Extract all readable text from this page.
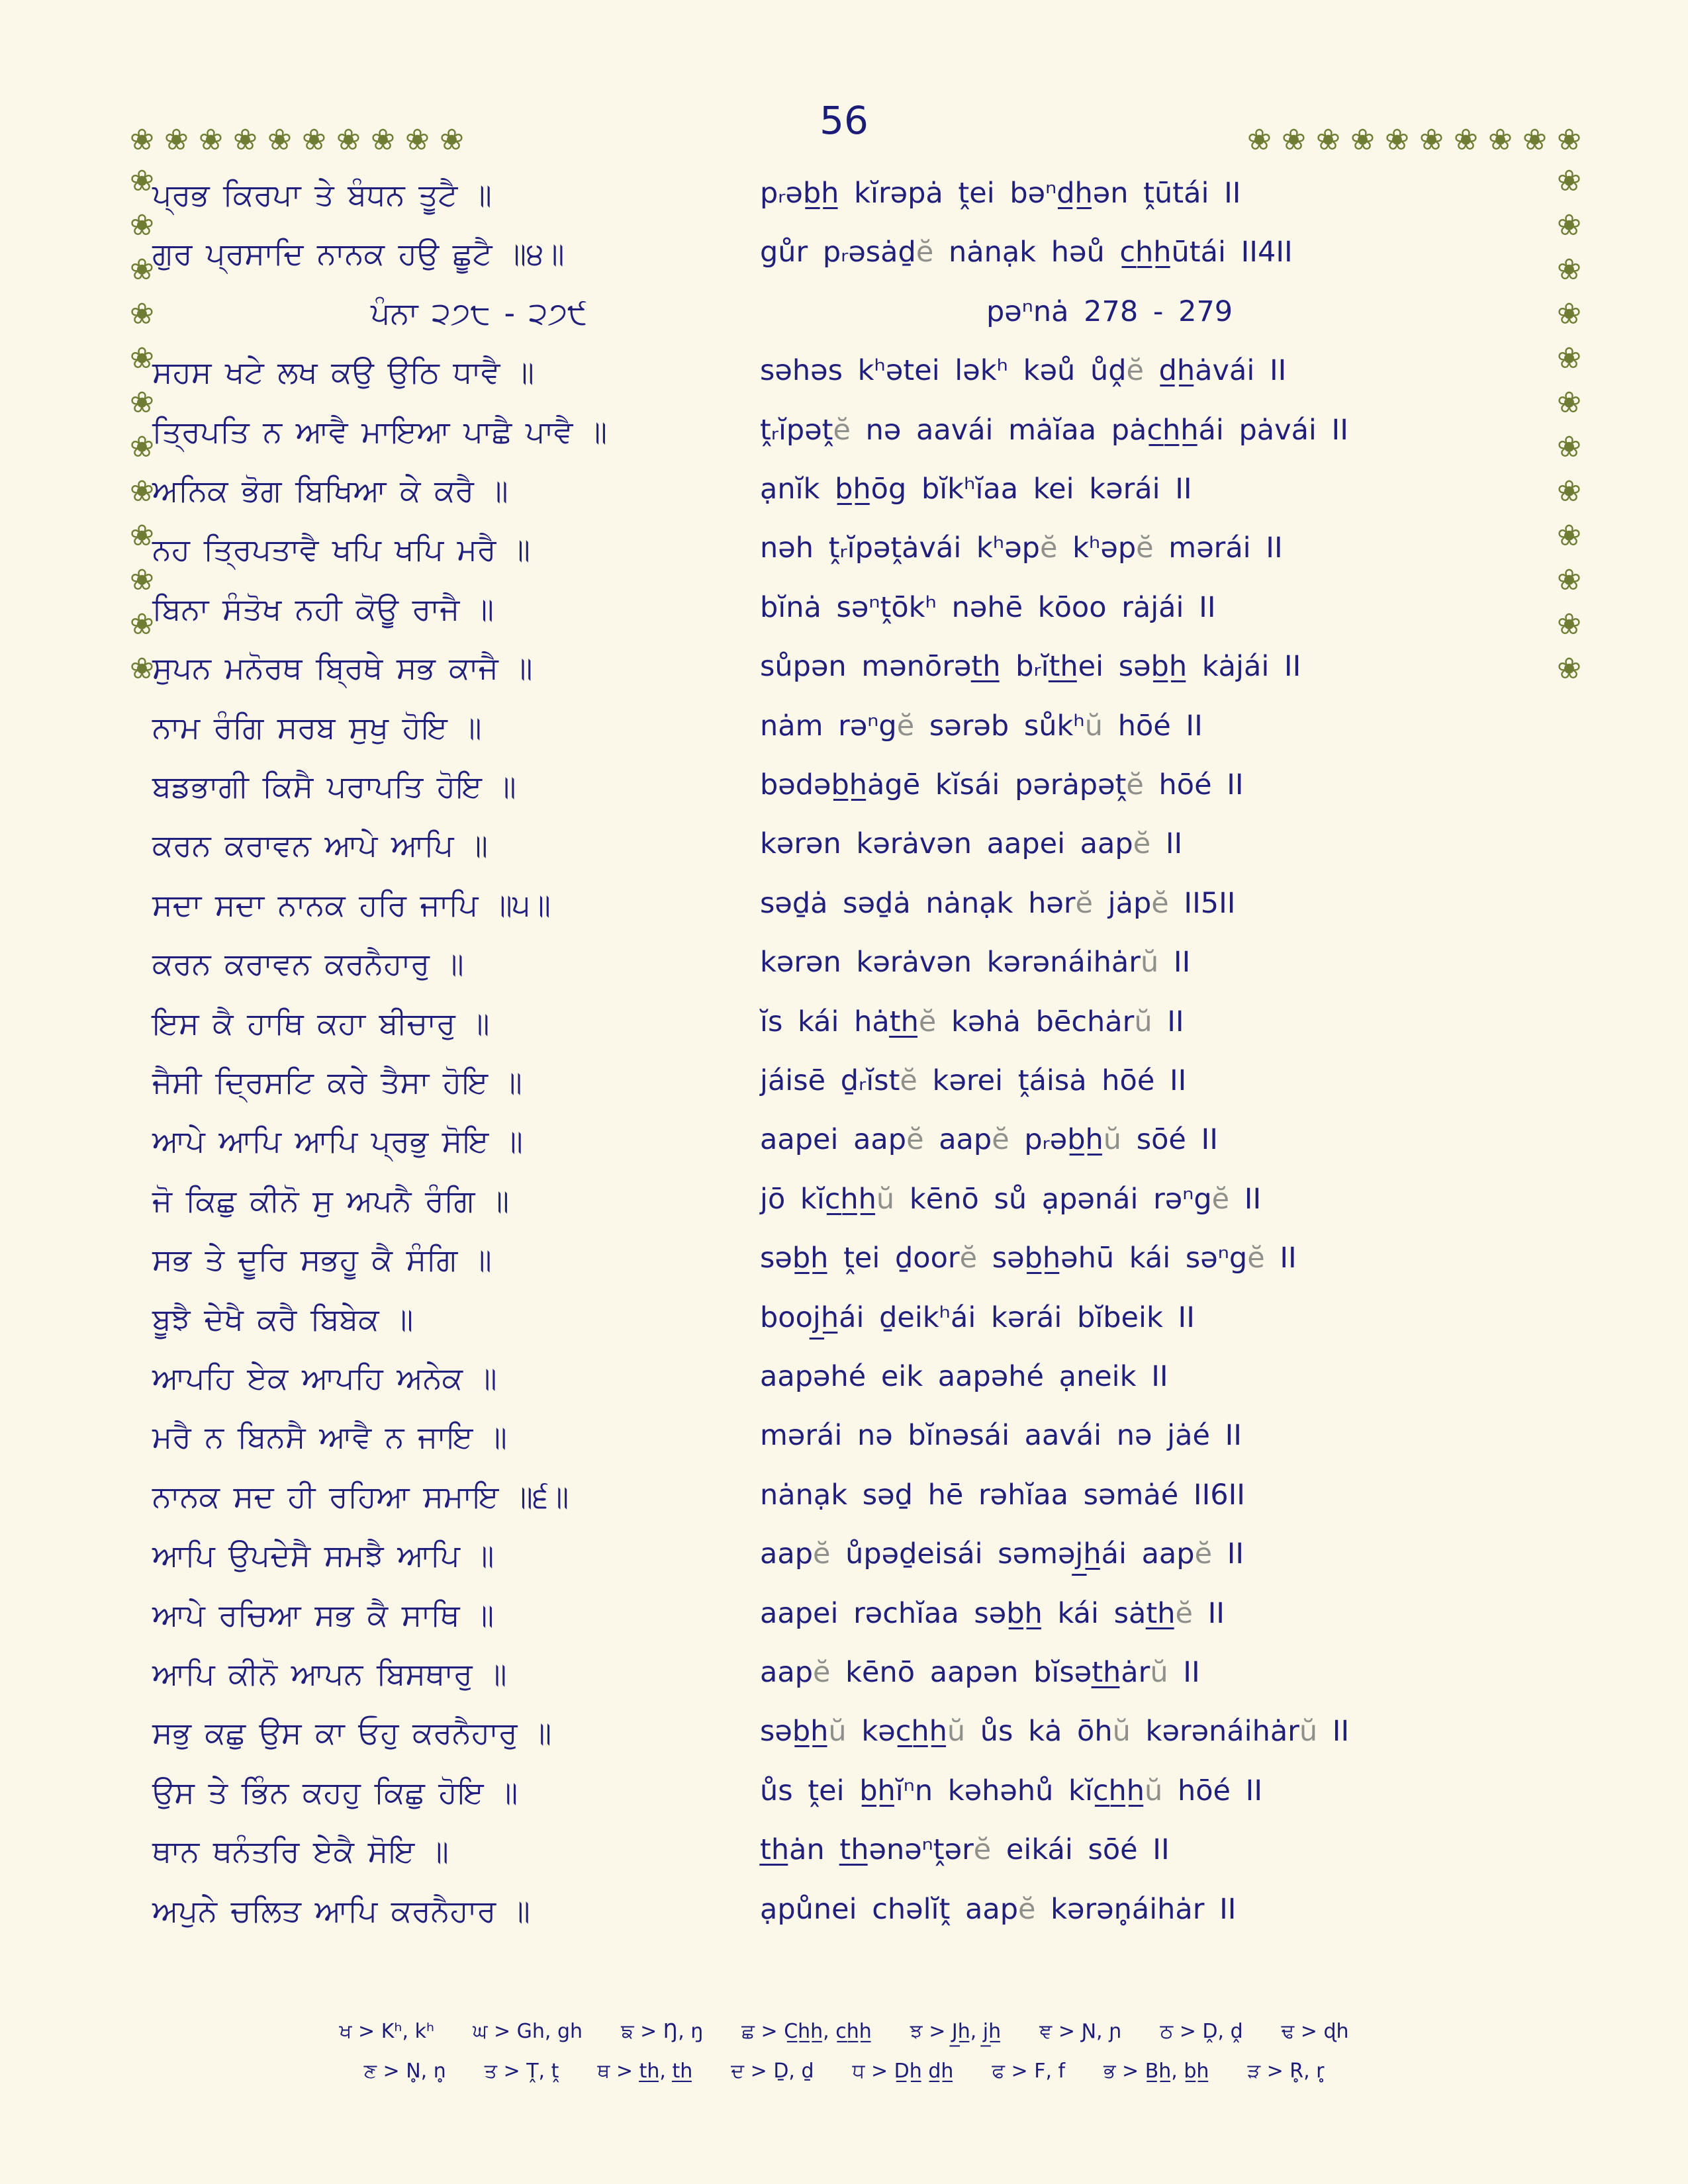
56
ਪ੍ਰਭ ਕਿਰਪਾ ਤੇ ਬੰਧਨ ਤੂਟੈ ॥	pᵣəb̲h̲ kĭrəpȧ ṱei bəⁿd̲h̲ən ṱūtái II
ਗੁਰ ਪ੍ਰਸਾਦਿ ਨਾਨਕ ਹਉ ਛੂਟੈ ॥੪॥	gůr pᵣəsȧḏĕ nȧnạk həů c̲h̲h̲ūtái II4II
ਪੰਨਾ ੨੭੮ - ੨੭੯	pəⁿnȧ 278 - 279
ਸਹਸ ਖਟੇ ਲਖ ਕਉ ਉਠਿ ਧਾਵੈ ॥	səhəs kʰətei ləkʰ kəů ůḓĕ d̲h̲ȧvái II
ਤ੍ਰਿਪਤਿ ਨ ਆਵੈ ਮਾਇਆ ਪਾਛੈ ਪਾਵੈ ॥	ṱᵣĭpəṱĕ nə aavái mȧĭaa pȧc̲h̲h̲ái pȧvái II
ਅਨਿਕ ਭੋਗ ਬਿਖਿਆ ਕੇ ਕਰੈ ॥	ạnĭk b̲h̲ōg bĭkʰĭaa kei kərái II
ਨਹ ਤ੍ਰਿਪਤਾਵੈ ਖਪਿ ਖਪਿ ਮਰੈ ॥	nəh ṱᵣĭpəṱȧvái kʰəpĕ kʰəpĕ mərái II
ਬਿਨਾ ਸੰਤੋਖ ਨਹੀ ਕੋਊ ਰਾਜੈ ॥	bĭnȧ səⁿṱōkʰ nəhē kōoo rȧjái II
ਸੁਪਨ ਮਨੋਰਥ ਬ੍ਰਿਥੇ ਸਭ ਕਾਜੈ ॥	sůpən mənōrət̲h̲ bᵣĭt̲h̲ei səb̲h̲ kȧjái II
ਨਾਮ ਰੰਗਿ ਸਰਬ ਸੁਖੁ ਹੋਇ ॥	nȧm rəⁿgĕ sərəb sůkʰŭ hōé II
ਬਡਭਾਗੀ ਕਿਸੈ ਪਰਾਪਤਿ ਹੋਇ ॥	bədəb̲h̲ȧgē kĭsái pərȧpəṱĕ hōé II
ਕਰਨ ਕਰਾਵਨ ਆਪੇ ਆਪਿ ॥	kərən kərȧvən aapei aapĕ II
ਸਦਾ ਸਦਾ ਨਾਨਕ ਹਰਿ ਜਾਪਿ ॥੫॥	səḏȧ səḏȧ nȧnạk hərĕ jȧpĕ II5II
ਕਰਨ ਕਰਾਵਨ ਕਰਨੈਹਾਰੁ ॥	kərən kərȧvən kərənáihȧrŭ II
ਇਸ ਕੈ ਹਾਥਿ ਕਹਾ ਬੀਚਾਰੁ ॥	ĭs kái hȧt̲h̲ĕ kəhȧ bēchȧrŭ II
ਜੈਸੀ ਦ੍ਰਿਸਟਿ ਕਰੇ ਤੈਸਾ ਹੋਇ ॥	jáisē ḏᵣĭstĕ kərei ṱáisȧ hōé II
ਆਪੇ ਆਪਿ ਆਪਿ ਪ੍ਰਭੁ ਸੋਇ ॥	aapei aapĕ aapĕ pᵣəb̲h̲ŭ sōé II
ਜੋ ਕਿਛੁ ਕੀਨੋ ਸੁ ਅਪਨੈ ਰੰਗਿ ॥	jō kĭc̲h̲h̲ŭ kēnō sů ạpənái rəⁿgĕ II
ਸਭ ਤੇ ਦੂਰਿ ਸਭਹੂ ਕੈ ਸੰਗਿ ॥	səb̲h̲ ṱei ḏoorĕ səb̲h̲əhū kái səⁿgĕ II
ਬੂਝੈ ਦੇਖੈ ਕਰੈ ਬਿਬੇਕ ॥	booj̲h̲ái ḏeikʰái kərái bĭbeik II
ਆਪਹਿ ਏਕ ਆਪਹਿ ਅਨੇਕ ॥	aapəhé eik aapəhé ạneik II
ਮਰੈ ਨ ਬਿਨਸੈ ਆਵੈ ਨ ਜਾਇ ॥	mərái nə bĭnəsái aavái nə jȧé II
ਨਾਨਕ ਸਦ ਹੀ ਰਹਿਆ ਸਮਾਇ ॥੬॥	nȧnạk səḏ hē rəhĭaa səmȧé II6II
ਆਪਿ ਉਪਦੇਸੈ ਸਮਝੈ ਆਪਿ ॥	aapĕ ůpəḏeisái səməj̲h̲ái aapĕ II
ਆਪੇ ਰਚਿਆ ਸਭ ਕੈ ਸਾਥਿ ॥	aapei rəchĭaa səb̲h̲ kái sȧt̲h̲ĕ II
ਆਪਿ ਕੀਨੋ ਆਪਨ ਬਿਸਥਾਰੁ ॥	aapĕ kēnō aapən bĭsət̲h̲ȧrŭ II
ਸਭੁ ਕਛੁ ਉਸ ਕਾ ਓਹੁ ਕਰਨੈਹਾਰੁ ॥	səb̲h̲ŭ kəc̲h̲h̲ŭ ůs kȧ ōhŭ kərənáihȧrŭ II
ਉਸ ਤੇ ਭਿੰਨ ਕਹਹੁ ਕਿਛੁ ਹੋਇ ॥	ůs ṱei b̲h̲ĭⁿn kəhəhů kĭc̲h̲h̲ŭ hōé II
ਥਾਨ ਥਨੰਤਰਿ ਏਕੈ ਸੋਇ ॥	t̲h̲ȧn t̲h̲ənəⁿṱərĕ eikái sōé II
ਅਪੁਨੇ ਚਲਿਤ ਆਪਿ ਕਰਨੈਹਾਰ ॥	ạpůnei chəlĭṱ aapĕ kərən̥áihȧr II
ਖ > Kʰ, kʰ ਘ > Gh, gh ਙ > Ŋ, ŋ ਛ > C̲h̲h̲, c̲h̲h̲ ਝ > J̲h̲, j̲h̲ ਞ > Ɲ, ɲ ਠ > Ḓ, ḓ ਢ > ɖh
ਣ > N̥, n̥ ਤ > Ṱ, ṱ ਥ > t̲h̲, t̲h̲ ਦ > Ḏ, ḏ ਧ > D̲h̲ d̲h̲ ਫ > F, f ਭ > B̲h̲, b̲h̲ ੜ > R̥, r̥
❀ ❀ ❀ ❀ ❀ ❀ ❀ ❀ ❀ ❀
❀
❀
❀
❀
❀
❀
❀
❀
❀
❀
❀
❀
❀ ❀ ❀ ❀ ❀ ❀ ❀ ❀ ❀ ❀
❀
❀
❀
❀
❀
❀
❀
❀
❀
❀
❀
❀
